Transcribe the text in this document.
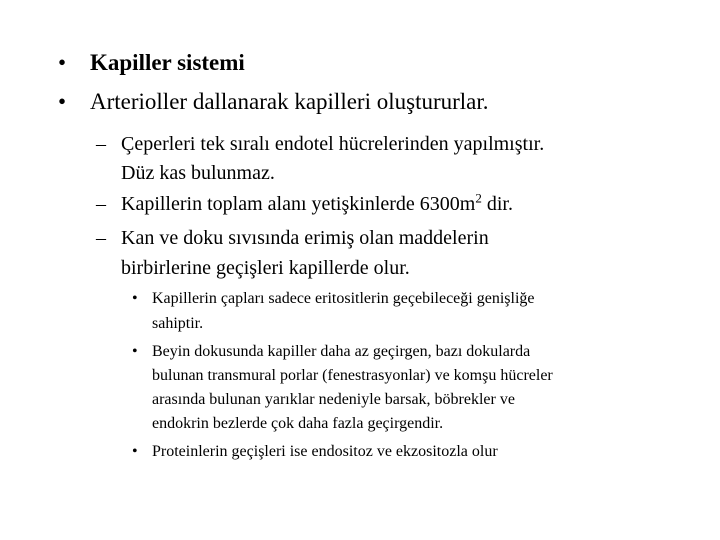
• Kapiller sistemi
• Arterioller dallanarak kapilleri oluştururlar.
– Çeperleri tek sıralı endotel hücrelerinden yapılmıştır.
Düz kas bulunmaz.
– Kapillerin toplam alanı yetişkinlerde $6300m^2$ dir.
– Kan ve doku sıvısında erimiş olan maddelerin
birbirlerine geçişleri kapillerde olur.
• Kapillerin çapları sadece eritositlerin geçebileceği genişliğe
sahiptir.
• Beyin dokusunda kapiller daha az geçirgen, bazı dokularda
bulunan transmural porlar (fenestrasyonlar) ve komşu hücreler
arasında bulunan yarıklar nedeniyle barsak, böbrekler ve
endokrin bezlerde çok daha fazla geçirgendir.
• Proteinlerin geçişleri ise endositoz ve ekzositozla olur
